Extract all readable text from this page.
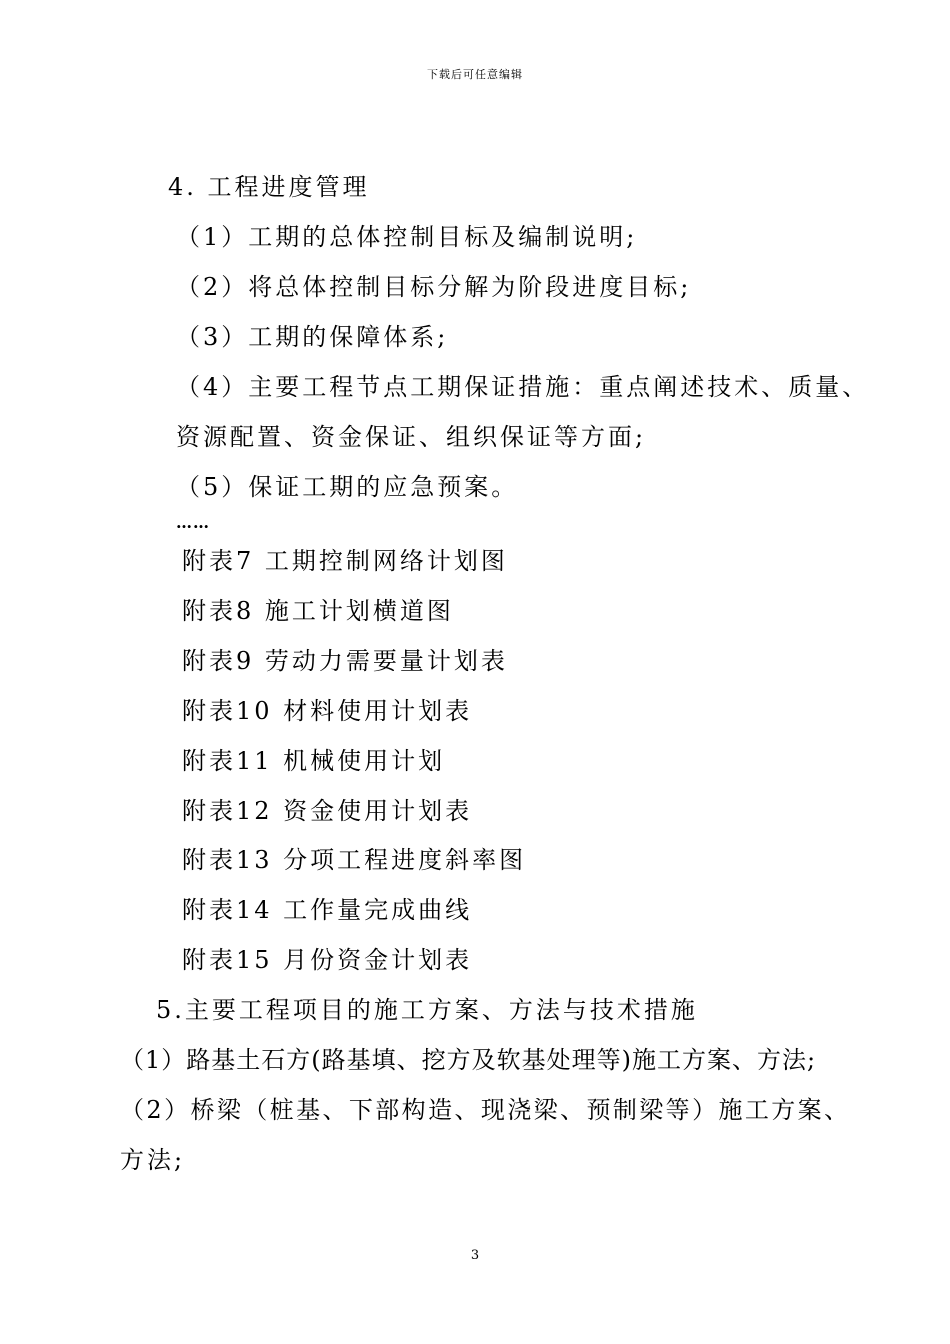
下载后可任意编辑
4. 工程进度管理
（1）工期的总体控制目标及编制说明;
（2）将总体控制目标分解为阶段进度目标;
（3）工期的保障体系;
（4）主要工程节点工期保证措施：重点阐述技术、质量、
资源配置、资金保证、组织保证等方面;
（5）保证工期的应急预案。
……
附表7 工期控制网络计划图
附表8 施工计划横道图
附表9 劳动力需要量计划表
附表10 材料使用计划表
附表11 机械使用计划
附表12 资金使用计划表
附表13 分项工程进度斜率图
附表14 工作量完成曲线
附表15 月份资金计划表
5.主要工程项目的施工方案、方法与技术措施
（1）路基土石方(路基填、挖方及软基处理等)施工方案、方法;
（2）桥梁（桩基、下部构造、现浇梁、预制梁等）施工方案、
方法;
3
